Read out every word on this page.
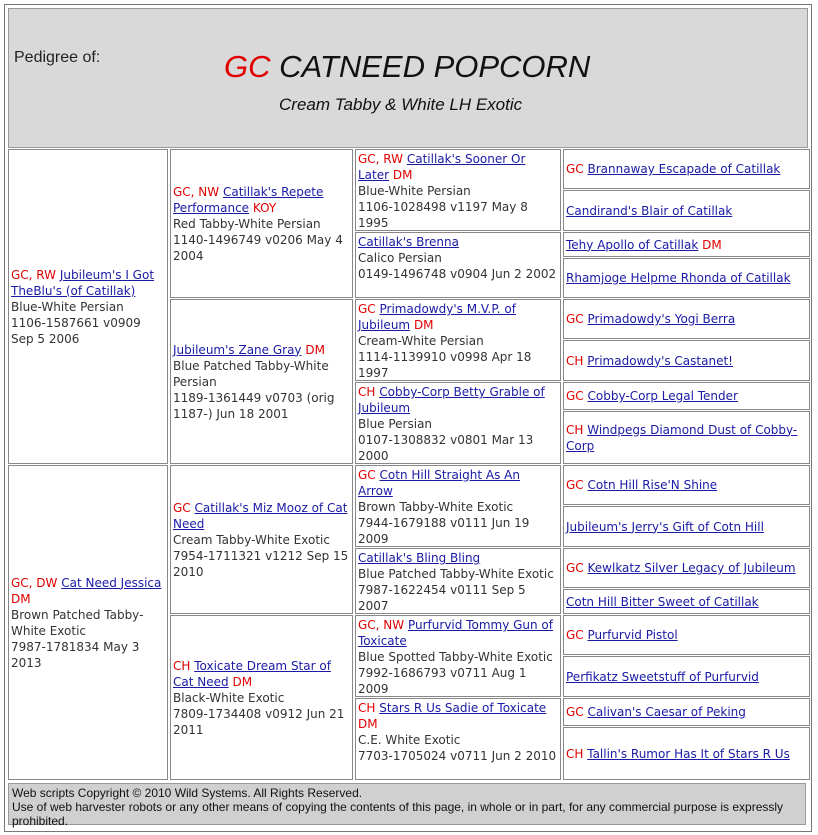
Pedigree of:	GC CATNEED POPCORN
Cream Tabby & White LH Exotic
GC, RW Jubileum's I Got TheBlu's (of Catillak)
Blue-White Persian
1106-1587661 v0909 Sep 5 2006
GC, DW Cat Need Jessica DM
Brown Patched Tabby-White Exotic
7987-1781834 May 3 2013
GC, NW Catillak's Repete Performance KOY
Red Tabby-White Persian
1140-1496749 v0206 May 4 2004
Jubileum's Zane Gray DM
Blue Patched Tabby-White Persian
1189-1361449 v0703 (orig 1187-) Jun 18 2001
GC Catillak's Miz Mooz of Cat Need
Cream Tabby-White Exotic
7954-1711321 v1212 Sep 15 2010
CH Toxicate Dream Star of Cat Need DM
Black-White Exotic
7809-1734408 v0912 Jun 21 2011
GC, RW Catillak's Sooner Or Later DM
Blue-White Persian
1106-1028498 v1197 May 8 1995
Catillak's Brenna
Calico Persian
0149-1496748 v0904 Jun 2 2002
GC Primadowdy's M.V.P. of Jubileum DM
Cream-White Persian
1114-1139910 v0998 Apr 18 1997
CH Cobby-Corp Betty Grable of Jubileum
Blue Persian
0107-1308832 v0801 Mar 13 2000
GC Cotn Hill Straight As An Arrow
Brown Tabby-White Exotic
7944-1679188 v0111 Jun 19 2009
Catillak's Bling Bling
Blue Patched Tabby-White Exotic
7987-1622454 v0111 Sep 5 2007
GC, NW Purfurvid Tommy Gun of Toxicate
Blue Spotted Tabby-White Exotic
7992-1686793 v0711 Aug 1 2009
CH Stars R Us Sadie of Toxicate DM
C.E. White Exotic
7703-1705024 v0711 Jun 2 2010
GC Brannaway Escapade of Catillak
Candirand's Blair of Catillak
Tehy Apollo of Catillak DM
Rhamjoge Helpme Rhonda of Catillak
GC Primadowdy's Yogi Berra
CH Primadowdy's Castanet!
GC Cobby-Corp Legal Tender
CH Windpegs Diamond Dust of Cobby-Corp
GC Cotn Hill Rise'N Shine
Jubileum's Jerry's Gift of Cotn Hill
GC Kewlkatz Silver Legacy of Jubileum
Cotn Hill Bitter Sweet of Catillak
GC Purfurvid Pistol
Perfikatz Sweetstuff of Purfurvid
GC Calivan's Caesar of Peking
CH Tallin's Rumor Has It of Stars R Us
Web scripts Copyright © 2010 Wild Systems. All Rights Reserved.
Use of web harvester robots or any other means of copying the contents of this page, in whole or in part, for any commercial purpose is expressly prohibited.
